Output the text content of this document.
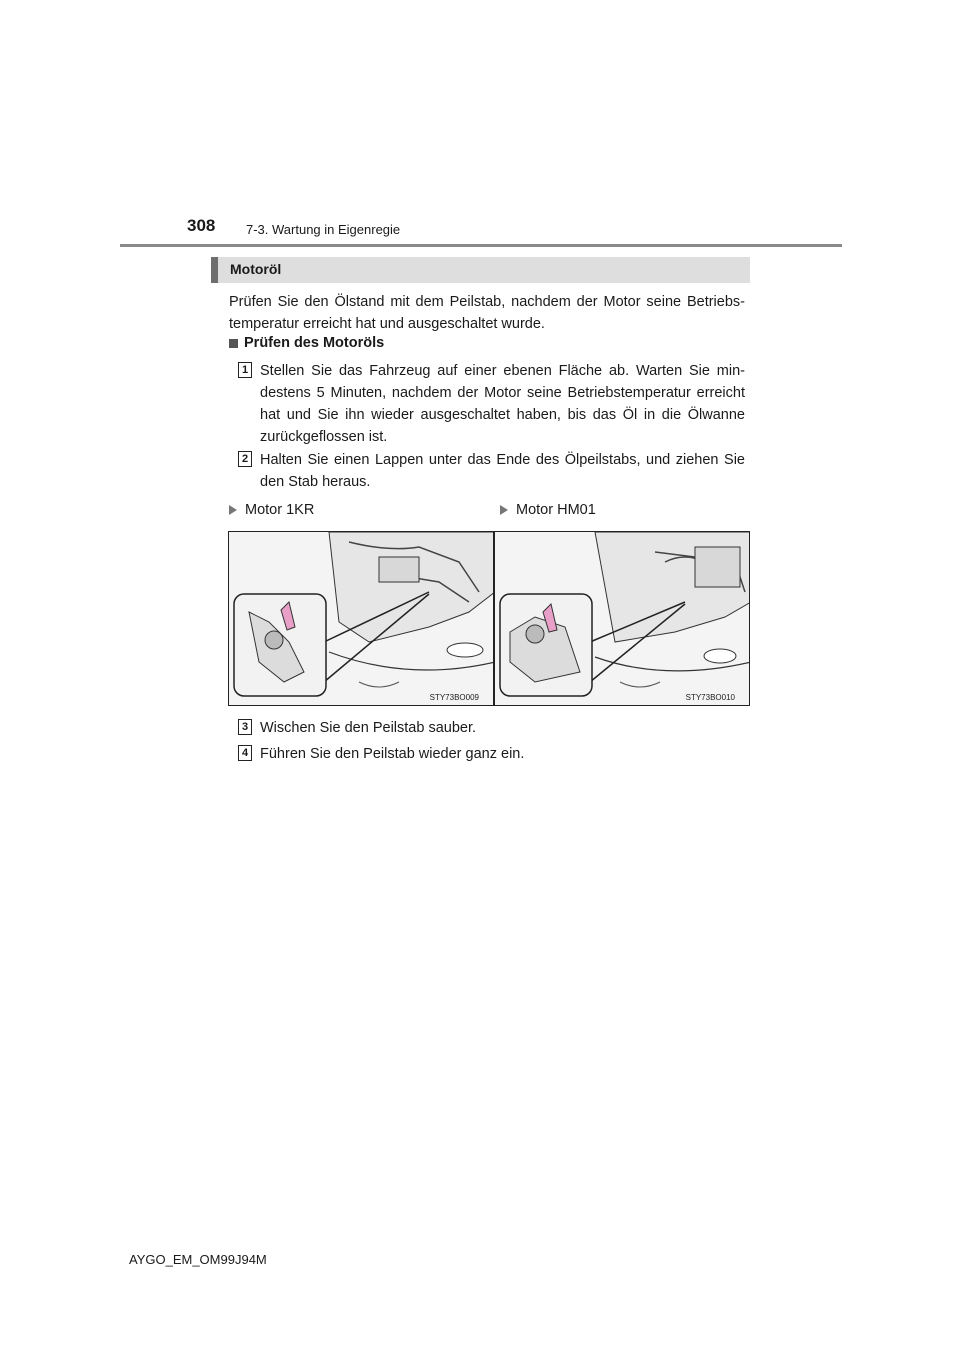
308 7-3. Wartung in Eigenregie
Motoröl
Prüfen Sie den Ölstand mit dem Peilstab, nachdem der Motor seine Betriebs-temperatur erreicht hat und ausgeschaltet wurde.
Prüfen des Motoröls
1 Stellen Sie das Fahrzeug auf einer ebenen Fläche ab. Warten Sie min-destens 5 Minuten, nachdem der Motor seine Betriebstemperatur erreicht hat und Sie ihn wieder ausgeschaltet haben, bis das Öl in die Ölwanne zurückgeflossen ist.
2 Halten Sie einen Lappen unter das Ende des Ölpeilstabs, und ziehen Sie den Stab heraus.
Motor 1KR	Motor HM01
STY73BO009	STY73BO010
3 Wischen Sie den Peilstab sauber.
4 Führen Sie den Peilstab wieder ganz ein.
AYGO_EM_OM99J94M
